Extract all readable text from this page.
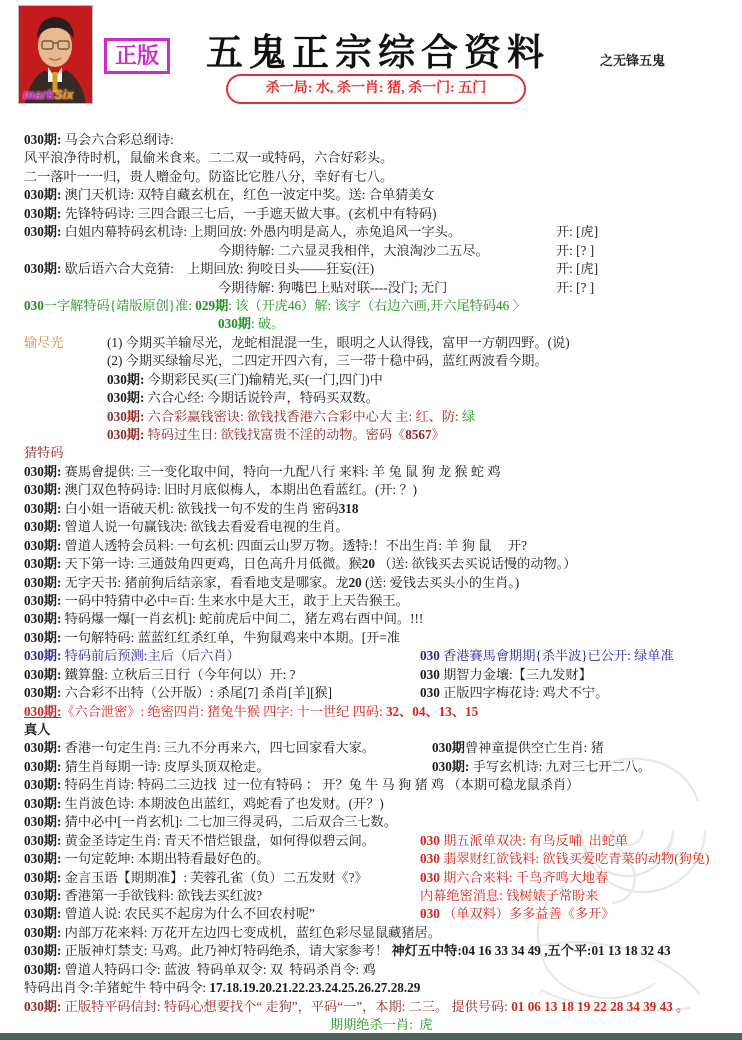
markSix
正版	五鬼正宗综合资料	之无锋五鬼
杀一局: 水, 杀一肖: 猪, 杀一门: 五门
030期: 马会六合彩总纲诗:
风平浪净待时机，鼠偷米食来。二二双一或特码，六合好彩头。
二一落叶一一归，贵人赠金句。防盗比它胜八分，幸好有七八。
030期: 澳门天机诗: 双特自藏玄机在，红色一波定中奖。送: 合单猜美女
030期: 先锋特码诗: 三四合跟三七后，一手遮天做大事。(玄机中有特码)
030期: 白姐内幕特码玄机诗: 上期回放: 外愚内明是高人，赤兔追风一字头。	开: [虎]
今期待解: 二六显灵我相伴，大浪淘沙二五尽。	开: [? ]
030期: 歇后语六合大竞猜:    上期回放: 狗咬日头——狂妄(汪)	开: [虎]
今期待解: 狗嘴巴上贴对联----没门; 无门	开: [? ]
030一字解特码{靖版原创}准: 029期: 该（开虎46）解: 该字（右边六画,开六尾特码46 〉
030期: 破。
输尽光	(1) 今期买羊输尽光，龙蛇相混混一生，眼明之人认得钱，富甲一方朝四野。(说)
(2) 今期买绿输尽光，二四定开四六有，三一带十稳中码，蓝红两波看今期。
030期: 今期彩民买(三门)输精光,买(一门,四门)中
030期: 六合心经: 今期话说铃声，特码买双数。
030期: 六合彩赢钱密诀: 欲钱找香港六合彩中心大 主: 红、防: 绿
030期: 特码过生日: 欲钱找富贵不淫的动物。密码《8567》
猜特码
030期: 赛馬會提供: 三一变化取中间，特向一九配八行 来料: 羊 兔 鼠 狗 龙 猴 蛇 鸡
030期: 澳门双色特码诗: 旧时月底似梅人，本期出色看蓝红。(开: ？)
030期: 白小姐一语破天机: 欲钱找一句不发的生肖 密码318
030期: 曾道人说一句赢钱决: 欲钱去看爱看电视的生肖。
030期: 曾道人透特会员料: 一句玄机: 四面云山罗万物。透特:！不出生肖: 羊 狗 鼠　 开?
030期: 天下第一诗: 三通鼓角四更鸡，日色高升月低微。猴20 （送: 欲钱买去买说话慢的动物。）
030期: 无字天书: 猪前狗后结亲家，看看地支是哪家。龙20 (送: 爱钱去买头小的生肖。)
030期: 一码中特猜中必中=百: 生来水中是大王，敢于上天告猴王。
030期: 特码爆一爆[一肖玄机]: 蛇前虎后中间二，猪左鸡右酉中间。!!!
030期: 一句解特码: 蓝蓝红红杀红单，牛狗鼠鸡来中本期。[开=准
030期: 特码前后预测:主后（后六肖）	030 香港賽馬會期期{杀半波}已公开: 绿单准
030期: 鐵算盤: 立秋后三日行（今年何以）开: ?	030 期智力金壤:【三九发财】
030期: 六合彩不出特（公开版）: 杀尾[7] 杀肖[羊][猴]	030 正版四字梅花诗: 鸡犬不宁。
030期:《六合泄密》: 绝密四肖: 猪兔牛猴 四字: 十一世纪 四码: 32、04、13、15
真人
030期: 香港一句定生肖: 三九不分再来六，四七回家看大家。	030期曾神童提供空亡生肖: 猪
030期: 猜生肖每期一诗: 皮厚头顶双枪走。	030期: 手写玄机诗: 九对三七开二八。
030期: 特码生肖诗: 特码二三边找  过一位有特码 ： 开？兔 牛 马 狗 猪 鸡 （本期可稳龙鼠杀肖）
030期: 生肖波色诗: 本期波色出蓝红，鸡蛇看了也发财。(开？)
030期: 猜中必中[一肖玄机]: 二七加三得灵码，二后双合三七数。
030期: 黄金圣诗定生肖: 青天不惜烂银盘，如何得似碧云间。	030 期五派单双决: 有鸟反哺  出蛇单
030期: 一句定乾坤: 本期出特看最好色的。	030 翡翠财红欲钱料: 欲钱买爱吃青菜的动物(狗兔)
030期: 金言玉语【期期准】: 芙蓉孔雀（负）二五发财《?》	030 期六合来料: 千鸟齐鸣大地春
030期: 香港第一手欲钱料: 欲钱去买红波?	内幕绝密消息: 钱树婊子常盼来
030期: 曾道人说: 农民买不起房为什么不回农村呢”	030 （单双料）多多益善《多开》
030期: 内部万花来料: 万花开左边四七变成机，蓝红色彩尽显鼠藏猪居。
030期: 正版神灯禁支: 马鸡。此乃神灯特码绝杀，请大家参考！ 神灯五中特:04 16 33 34 49 ,五个平:01 13 18 32 43
030期: 曾道人特码口令: 蓝波  特码单双令: 双  特码杀肖令: 鸡
特码出肖令:羊猪蛇牛 特中码令: 17.18.19.20.21.22.23.24.25.26.27.28.29
030期: 正版特平码信封: 特码心想要找个“ 走狗”，平码“一”，本期: 二三。 提供号码: 01 06 13 18 19 22 28 34 39 43 。
期期绝杀一肖:  虎
